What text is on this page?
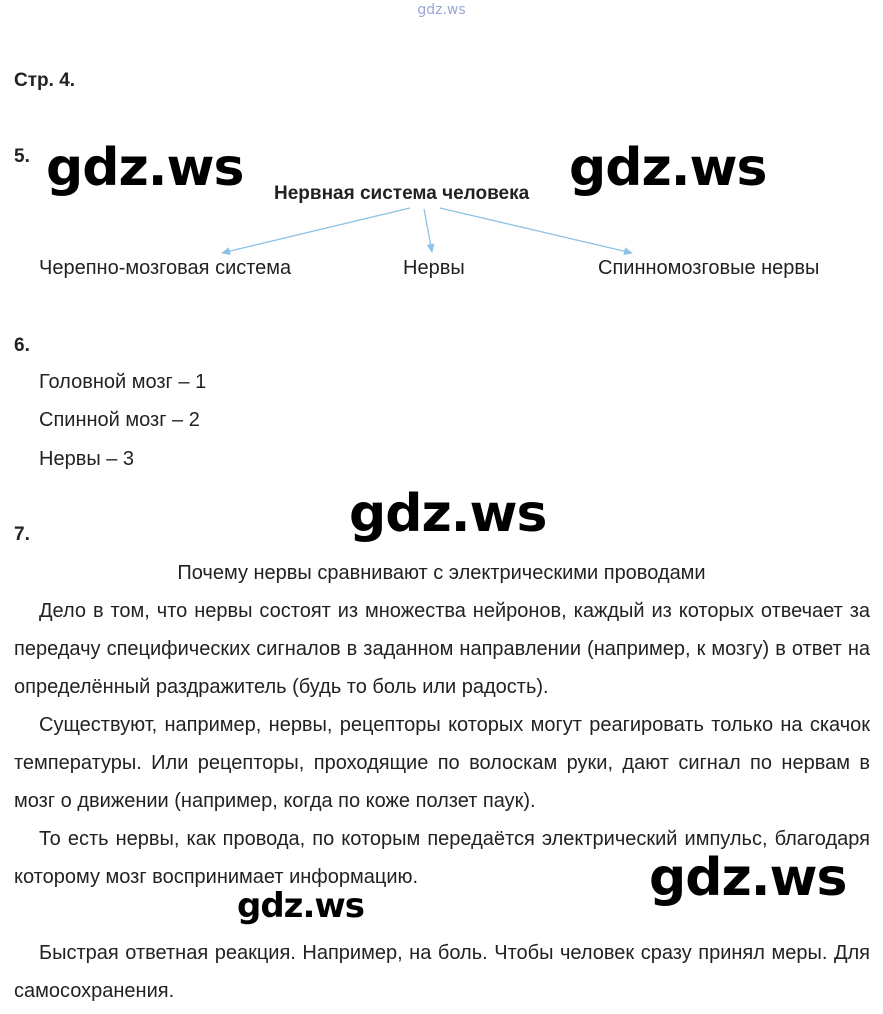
gdz.ws
Стр. 4.
5.
Нервная система человека
Черепно-мозговая система	Нервы	Спинномозговые нервы
6.
Головной мозг – 1
Спинной мозг – 2
Нервы – 3
7.
Почему нервы сравнивают с электрическими проводами

Дело в том, что нервы состоят из множества нейронов, каждый из которых отвечает за передачу специфических сигналов в заданном направлении (например, к мозгу) в ответ на определённый раздражитель (будь то боль или радость).

Существуют, например, нервы, рецепторы которых могут реагировать только на скачок температуры. Или рецепторы, проходящие по волоскам руки, дают сигнал по нервам в мозг о движении (например, когда по коже ползет паук).

То есть нервы, как провода, по которым передаётся электрический импульс, благодаря которому мозг воспринимает информацию.

Быстрая ответная реакция. Например, на боль. Чтобы человек сразу принял меры. Для самосохранения.

gdz.ws	gdz.ws
gdz.ws
gdz.ws
gdz.ws
